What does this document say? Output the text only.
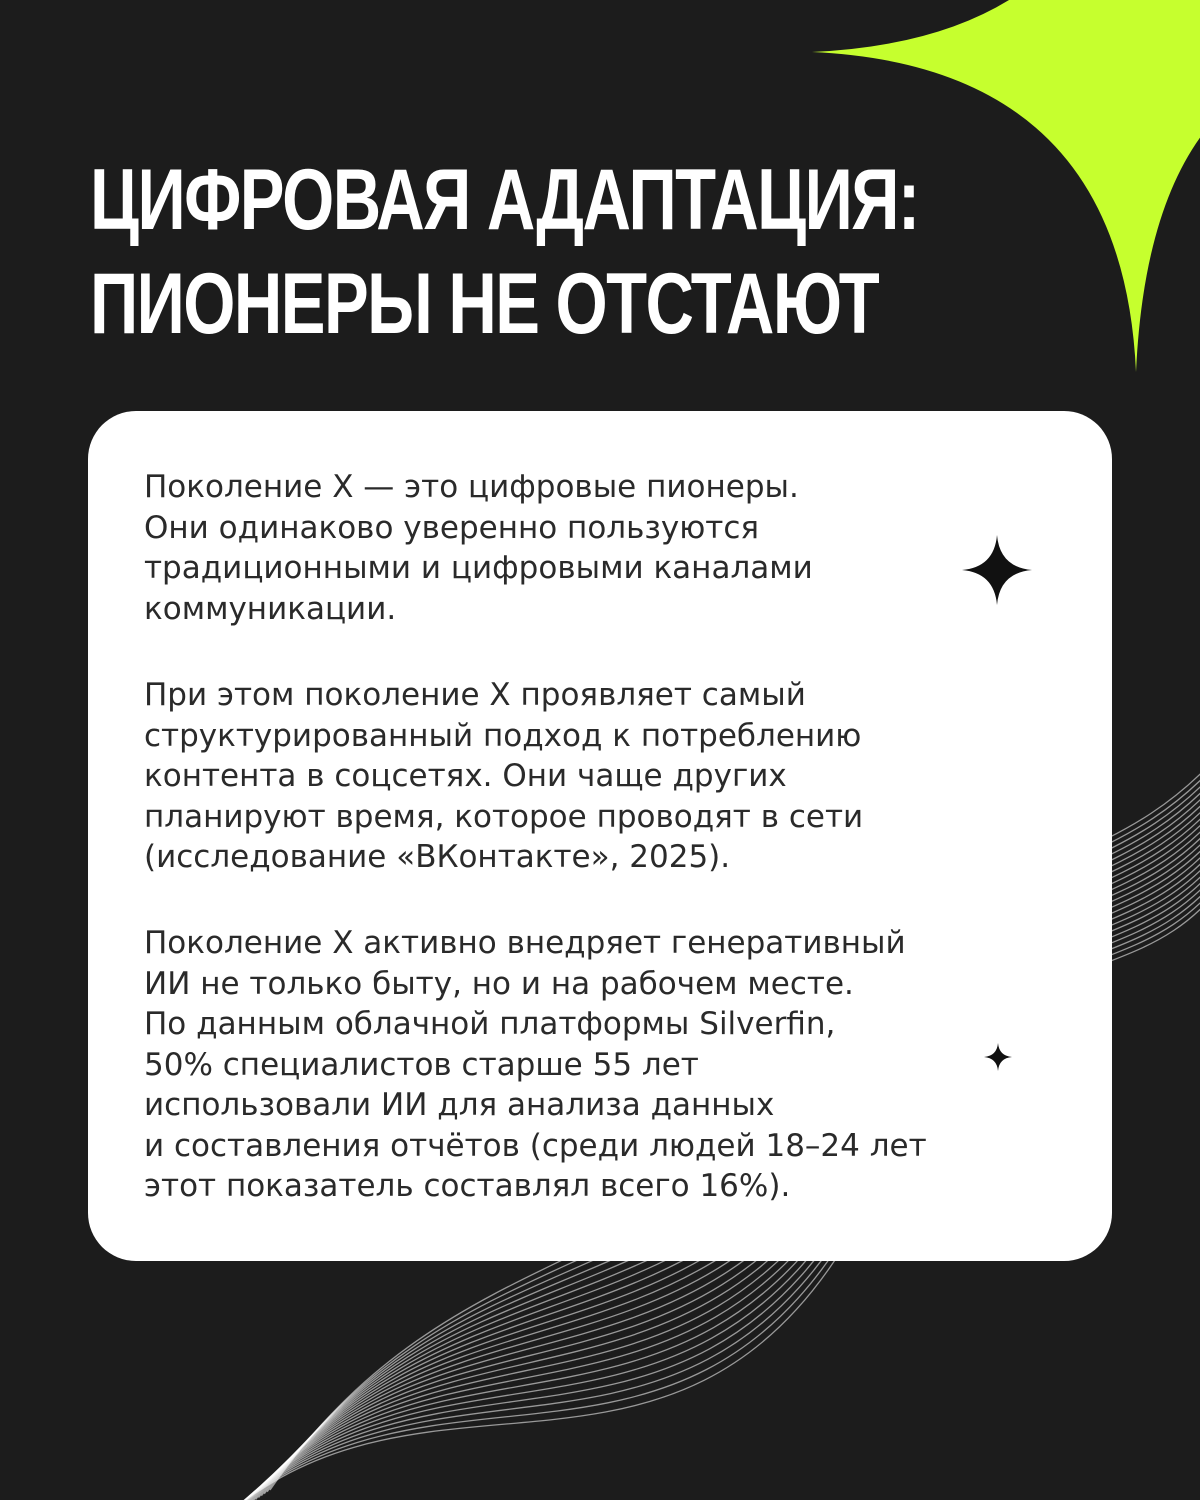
ЦИФРОВАЯ АДАПТАЦИЯ:
ПИОНЕРЫ НЕ ОТСТАЮТ

Поколение Х — это цифровые пионеры.
Они одинаково уверенно пользуются
традиционными и цифровыми каналами
коммуникации.

При этом поколение Х проявляет самый
структурированный подход к потреблению
контента в соцсетях. Они чаще других
планируют время, которое проводят в сети
(исследование «ВКонтакте», 2025).

Поколение Х активно внедряет генеративный
ИИ не только быту, но и на рабочем месте.
По данным облачной платформы Silverfin,
50% специалистов старше 55 лет
использовали ИИ для анализа данных
и составления отчётов (среди людей 18–24 лет
этот показатель составлял всего 16%).
